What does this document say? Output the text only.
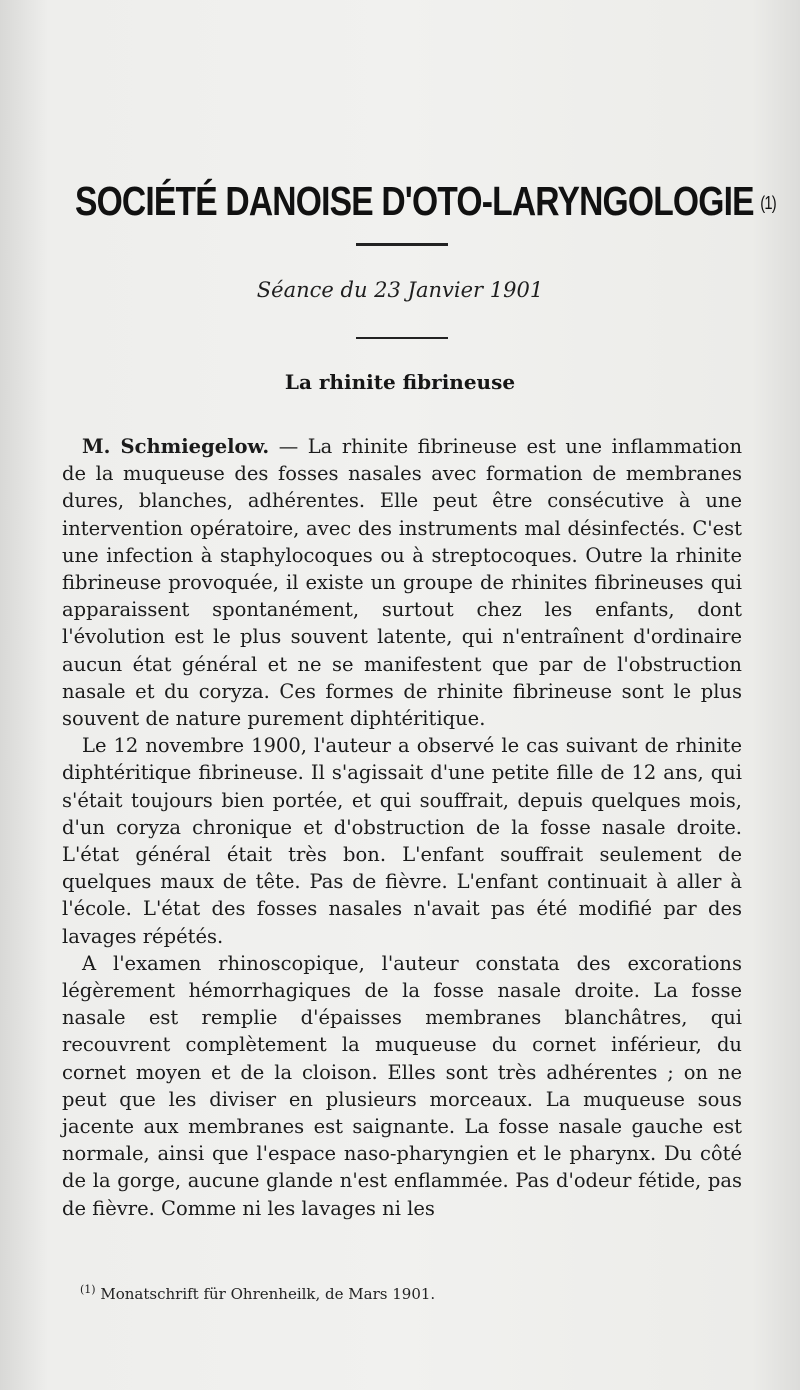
SOCIÉTÉ DANOISE D'OTO-LARYNGOLOGIE $^{(1)}$
Séance du 23 Janvier 1901
La rhinite fibrineuse

M. Schmiegelow. — La rhinite fibrineuse est une inflammation de la muqueuse des fosses nasales avec formation de membranes dures, blanches, adhérentes. Elle peut être consécutive à une intervention opératoire, avec des instruments mal désinfectés. C'est une infection à staphylocoques ou à streptocoques. Outre la rhinite fibrineuse provoquée, il existe un groupe de rhinites fibrineuses qui apparaissent spontanément, surtout chez les enfants, dont l'évolution est le plus souvent latente, qui n'entraînent d'ordinaire aucun état général et ne se manifestent que par de l'obstruction nasale et du coryza. Ces formes de rhinite fibrineuse sont le plus souvent de nature purement diphtéritique.

Le 12 novembre 1900, l'auteur a observé le cas suivant de rhinite diphtéritique fibrineuse. Il s'agissait d'une petite fille de 12 ans, qui s'était toujours bien portée, et qui souffrait, depuis quelques mois, d'un coryza chronique et d'obstruction de la fosse nasale droite. L'état général était très bon. L'enfant souffrait seulement de quelques maux de tête. Pas de fièvre. L'enfant continuait à aller à l'école. L'état des fosses nasales n'avait pas été modifié par des lavages répétés.

A l'examen rhinoscopique, l'auteur constata des excorations légèrement hémorrhagiques de la fosse nasale droite. La fosse nasale est remplie d'épaisses membranes blanchâtres, qui recouvrent complètement la muqueuse du cornet inférieur, du cornet moyen et de la cloison. Elles sont très adhérentes ; on ne peut que les diviser en plusieurs morceaux. La muqueuse sous jacente aux membranes est saignante. La fosse nasale gauche est normale, ainsi que l'espace naso-pharyngien et le pharynx. Du côté de la gorge, aucune glande n'est enflammée. Pas d'odeur fétide, pas de fièvre. Comme ni les lavages ni les

$^{(1)}$ Monatschrift für Ohrenheilk, de Mars 1901.
